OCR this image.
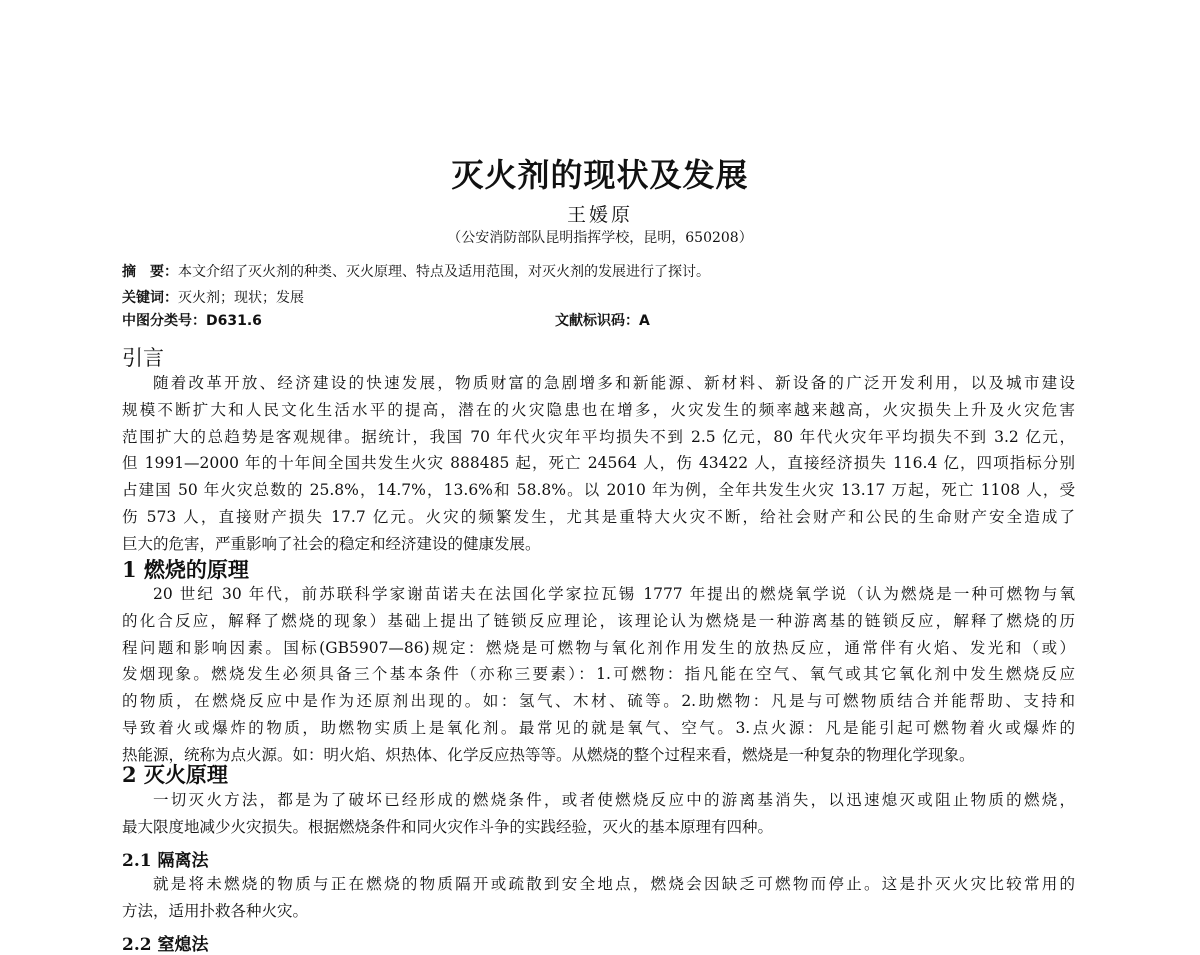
灭火剂的现状及发展
王媛原
（公安消防部队昆明指挥学校，昆明，650208）
摘　要：本文介绍了灭火剂的种类、灭火原理、特点及适用范围，对灭火剂的发展进行了探讨。
关键词：灭火剂；现状；发展
中图分类号：D631.6	文献标识码：A
引言
随着改革开放、经济建设的快速发展，物质财富的急剧增多和新能源、新材料、新设备的广泛开发利用，以及城市建设
规模不断扩大和人民文化生活水平的提高，潜在的火灾隐患也在增多，火灾发生的频率越来越高，火灾损失上升及火灾危害
范围扩大的总趋势是客观规律。据统计，我国 70 年代火灾年平均损失不到 2.5 亿元，80 年代火灾年平均损失不到 3.2 亿元，
但 1991—2000 年的十年间全国共发生火灾 888485 起，死亡 24564 人，伤 43422 人，直接经济损失 116.4 亿，四项指标分别
占建国 50 年火灾总数的 25.8%，14.7%，13.6%和 58.8%。以 2010 年为例，全年共发生火灾 13.17 万起，死亡 1108 人，受
伤 573 人，直接财产损失 17.7 亿元。火灾的频繁发生，尤其是重特大火灾不断，给社会财产和公民的生命财产安全造成了
巨大的危害，严重影响了社会的稳定和经济建设的健康发展。
1 燃烧的原理
20 世纪 30 年代，前苏联科学家谢苗诺夫在法国化学家拉瓦锡 1777 年提出的燃烧氧学说（认为燃烧是一种可燃物与氧
的化合反应，解释了燃烧的现象）基础上提出了链锁反应理论，该理论认为燃烧是一种游离基的链锁反应，解释了燃烧的历
程问题和影响因素。国标(GB5907—86)规定：燃烧是可燃物与氧化剂作用发生的放热反应，通常伴有火焰、发光和（或）
发烟现象。燃烧发生必须具备三个基本条件（亦称三要素）：1.可燃物：指凡能在空气、氧气或其它氧化剂中发生燃烧反应
的物质，在燃烧反应中是作为还原剂出现的。如：氢气、木材、硫等。2.助燃物：凡是与可燃物质结合并能帮助、支持和
导致着火或爆炸的物质，助燃物实质上是氧化剂。最常见的就是氧气、空气。3.点火源：凡是能引起可燃物着火或爆炸的
热能源，统称为点火源。如：明火焰、炽热体、化学反应热等等。从燃烧的整个过程来看，燃烧是一种复杂的物理化学现象。
2 灭火原理
一切灭火方法，都是为了破坏已经形成的燃烧条件，或者使燃烧反应中的游离基消失，以迅速熄灭或阻止物质的燃烧，
最大限度地减少火灾损失。根据燃烧条件和同火灾作斗争的实践经验，灭火的基本原理有四种。
2.1 隔离法
就是将未燃烧的物质与正在燃烧的物质隔开或疏散到安全地点，燃烧会因缺乏可燃物而停止。这是扑灭火灾比较常用的
方法，适用扑救各种火灾。
2.2 窒熄法
